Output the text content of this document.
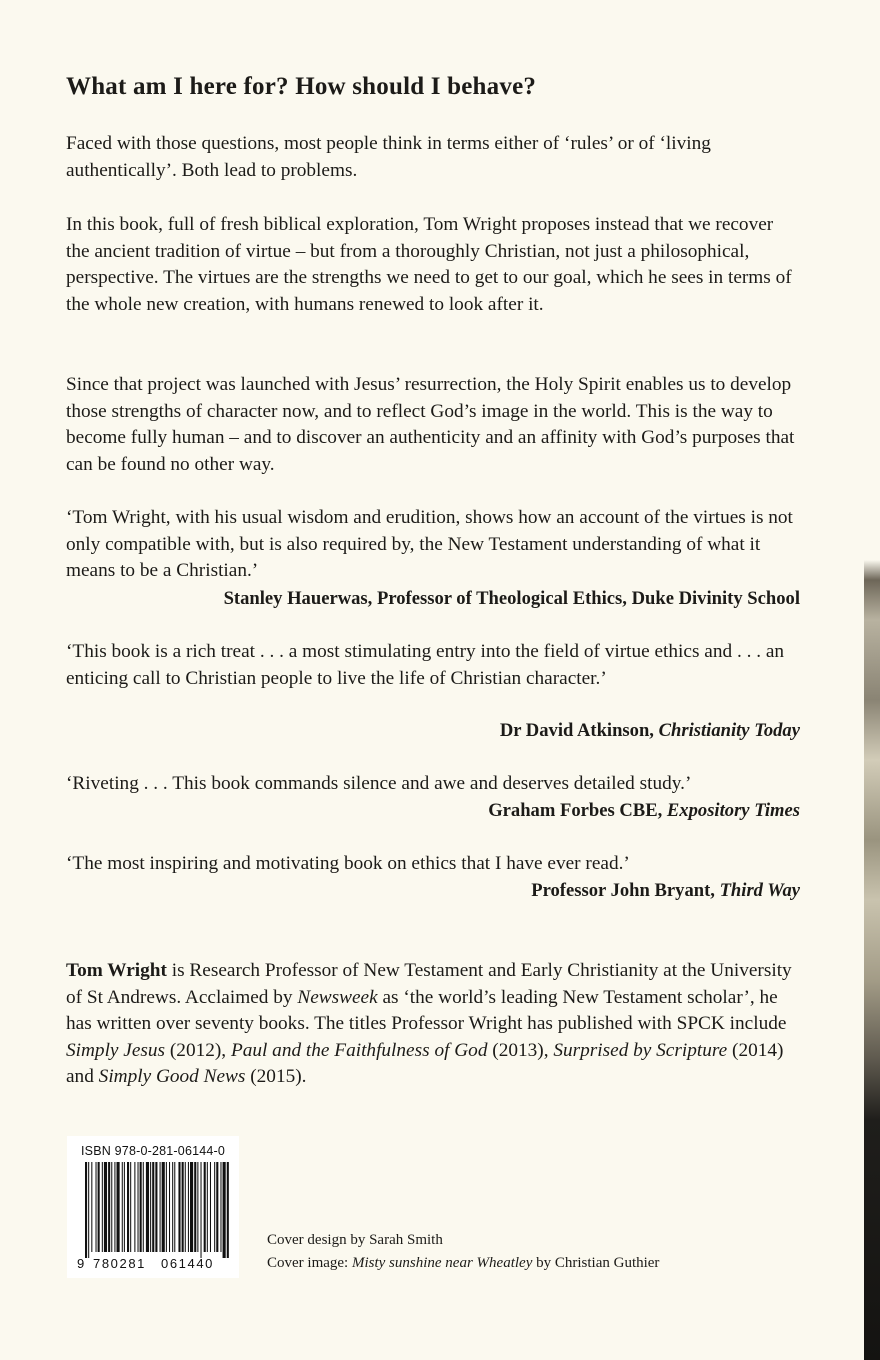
What am I here for? How should I behave?

Faced with those questions, most people think in terms either of ‘rules’ or of ‘living authentically’. Both lead to problems.

In this book, full of fresh biblical exploration, Tom Wright proposes instead that we recover the ancient tradition of virtue – but from a thoroughly Christian, not just a philosophical, perspective. The virtues are the strengths we need to get to our goal, which he sees in terms of the whole new creation, with humans renewed to look after it.

Since that project was launched with Jesus’ resurrection, the Holy Spirit enables us to develop those strengths of character now, and to reflect God’s image in the world. This is the way to become fully human – and to discover an authenticity and an affinity with God’s purposes that can be found no other way.

‘Tom Wright, with his usual wisdom and erudition, shows how an account of the virtues is not only compatible with, but is also required by, the New Testament understanding of what it means to be a Christian.’

Stanley Hauerwas, Professor of Theological Ethics, Duke Divinity School

‘This book is a rich treat . . . a most stimulating entry into the field of virtue ethics and . . . an enticing call to Christian people to live the life of Christian character.’

Dr David Atkinson, Christianity Today

‘Riveting . . . This book commands silence and awe and deserves detailed study.’

Graham Forbes CBE, Expository Times

‘The most inspiring and motivating book on ethics that I have ever read.’

Professor John Bryant, Third Way

Tom Wright is Research Professor of New Testament and Early Christianity at the University of St Andrews. Acclaimed by Newsweek as ‘the world’s leading New Testament scholar’, he has written over seventy books. The titles Professor Wright has published with SPCK include Simply Jesus (2012), Paul and the Faithfulness of God (2013), Surprised by Scripture (2014) and Simply Good News (2015).

ISBN 978-0-281-06144-0
9 780281 061440
Cover design by Sarah Smith
Cover image: Misty sunshine near Wheatley by Christian Guthier
